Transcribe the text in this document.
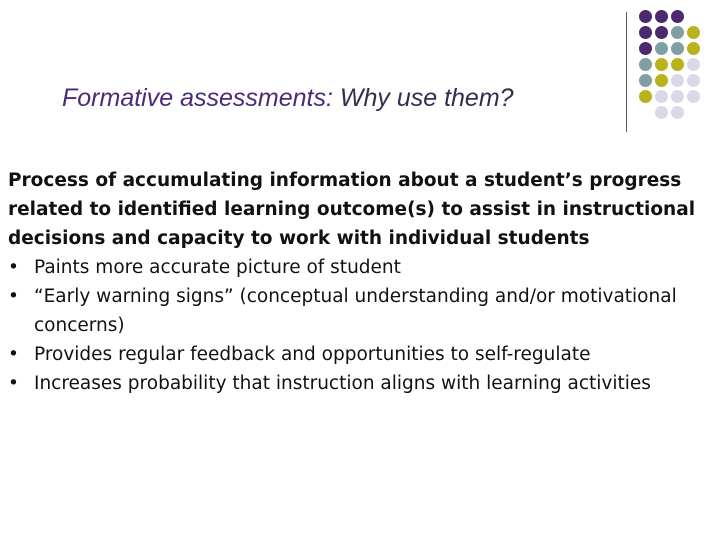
Formative assessments: Why use them?

Process of accumulating information about a student’s progress related to identified learning outcome(s) to assist in instructional decisions and capacity to work with individual students

• Paints more accurate picture of student
• “Early warning signs” (conceptual understanding and/or motivational concerns)
• Provides regular feedback and opportunities to self-regulate
• Increases probability that instruction aligns with learning activities
